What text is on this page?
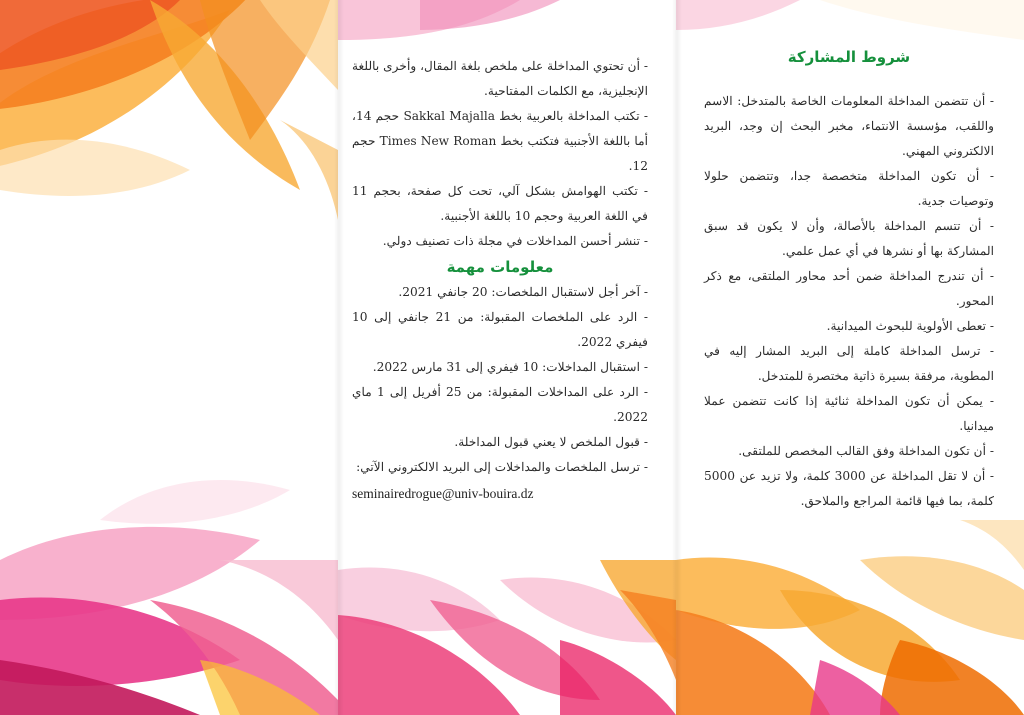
شروط المشاركة

- أن تتضمن المداخلة المعلومات الخاصة بالمتدخل: الاسم واللقب، مؤسسة الانتماء، مخبر البحث إن وجد، البريد الالكتروني المهني.

- أن تكون المداخلة متخصصة جدا، وتتضمن حلولا وتوصيات جدية.

- أن تتسم المداخلة بالأصالة، وأن لا يكون قد سبق المشاركة بها أو نشرها في أي عمل علمي.

- أن تندرج المداخلة ضمن أحد محاور الملتقى، مع ذكر المحور.

- تعطى الأولوية للبحوث الميدانية.

- ترسل المداخلة كاملة إلى البريد المشار إليه في المطوية، مرفقة بسيرة ذاتية مختصرة للمتدخل.

- يمكن أن تكون المداخلة ثنائية إذا كانت تتضمن عملا ميدانيا.

- أن تكون المداخلة وفق القالب المخصص للملتقى.

- أن لا تقل المداخلة عن 3000 كلمة، ولا تزيد عن 5000 كلمة، بما فيها قائمة المراجع والملاحق.

- أن تحتوي المداخلة على ملخص بلغة المقال، وأخرى باللغة الإنجليزية، مع الكلمات المفتاحية.

- تكتب المداخلة بالعربية بخط Sakkal Majalla حجم 14، أما باللغة الأجنبية فتكتب بخط Times New Roman حجم 12.

- تكتب الهوامش بشكل آلي، تحت كل صفحة، بحجم 11 في اللغة العربية وحجم 10 باللغة الأجنبية.

- تنشر أحسن المداخلات في مجلة ذات تصنيف دولي.

معلومات مهمة

- آخر أجل لاستقبال الملخصات: 20 جانفي 2021.

- الرد على الملخصات المقبولة: من 21 جانفي إلى 10 فيفري 2022.

- استقبال المداخلات: 10 فيفري إلى 31 مارس 2022.

- الرد على المداخلات المقبولة: من 25 أفريل إلى 1 ماي 2022.

- قبول الملخص لا يعني قبول المداخلة.

- ترسل الملخصات والمداخلات إلى البريد الالكتروني الآتي:

seminairedrogue@univ-bouira.dz
